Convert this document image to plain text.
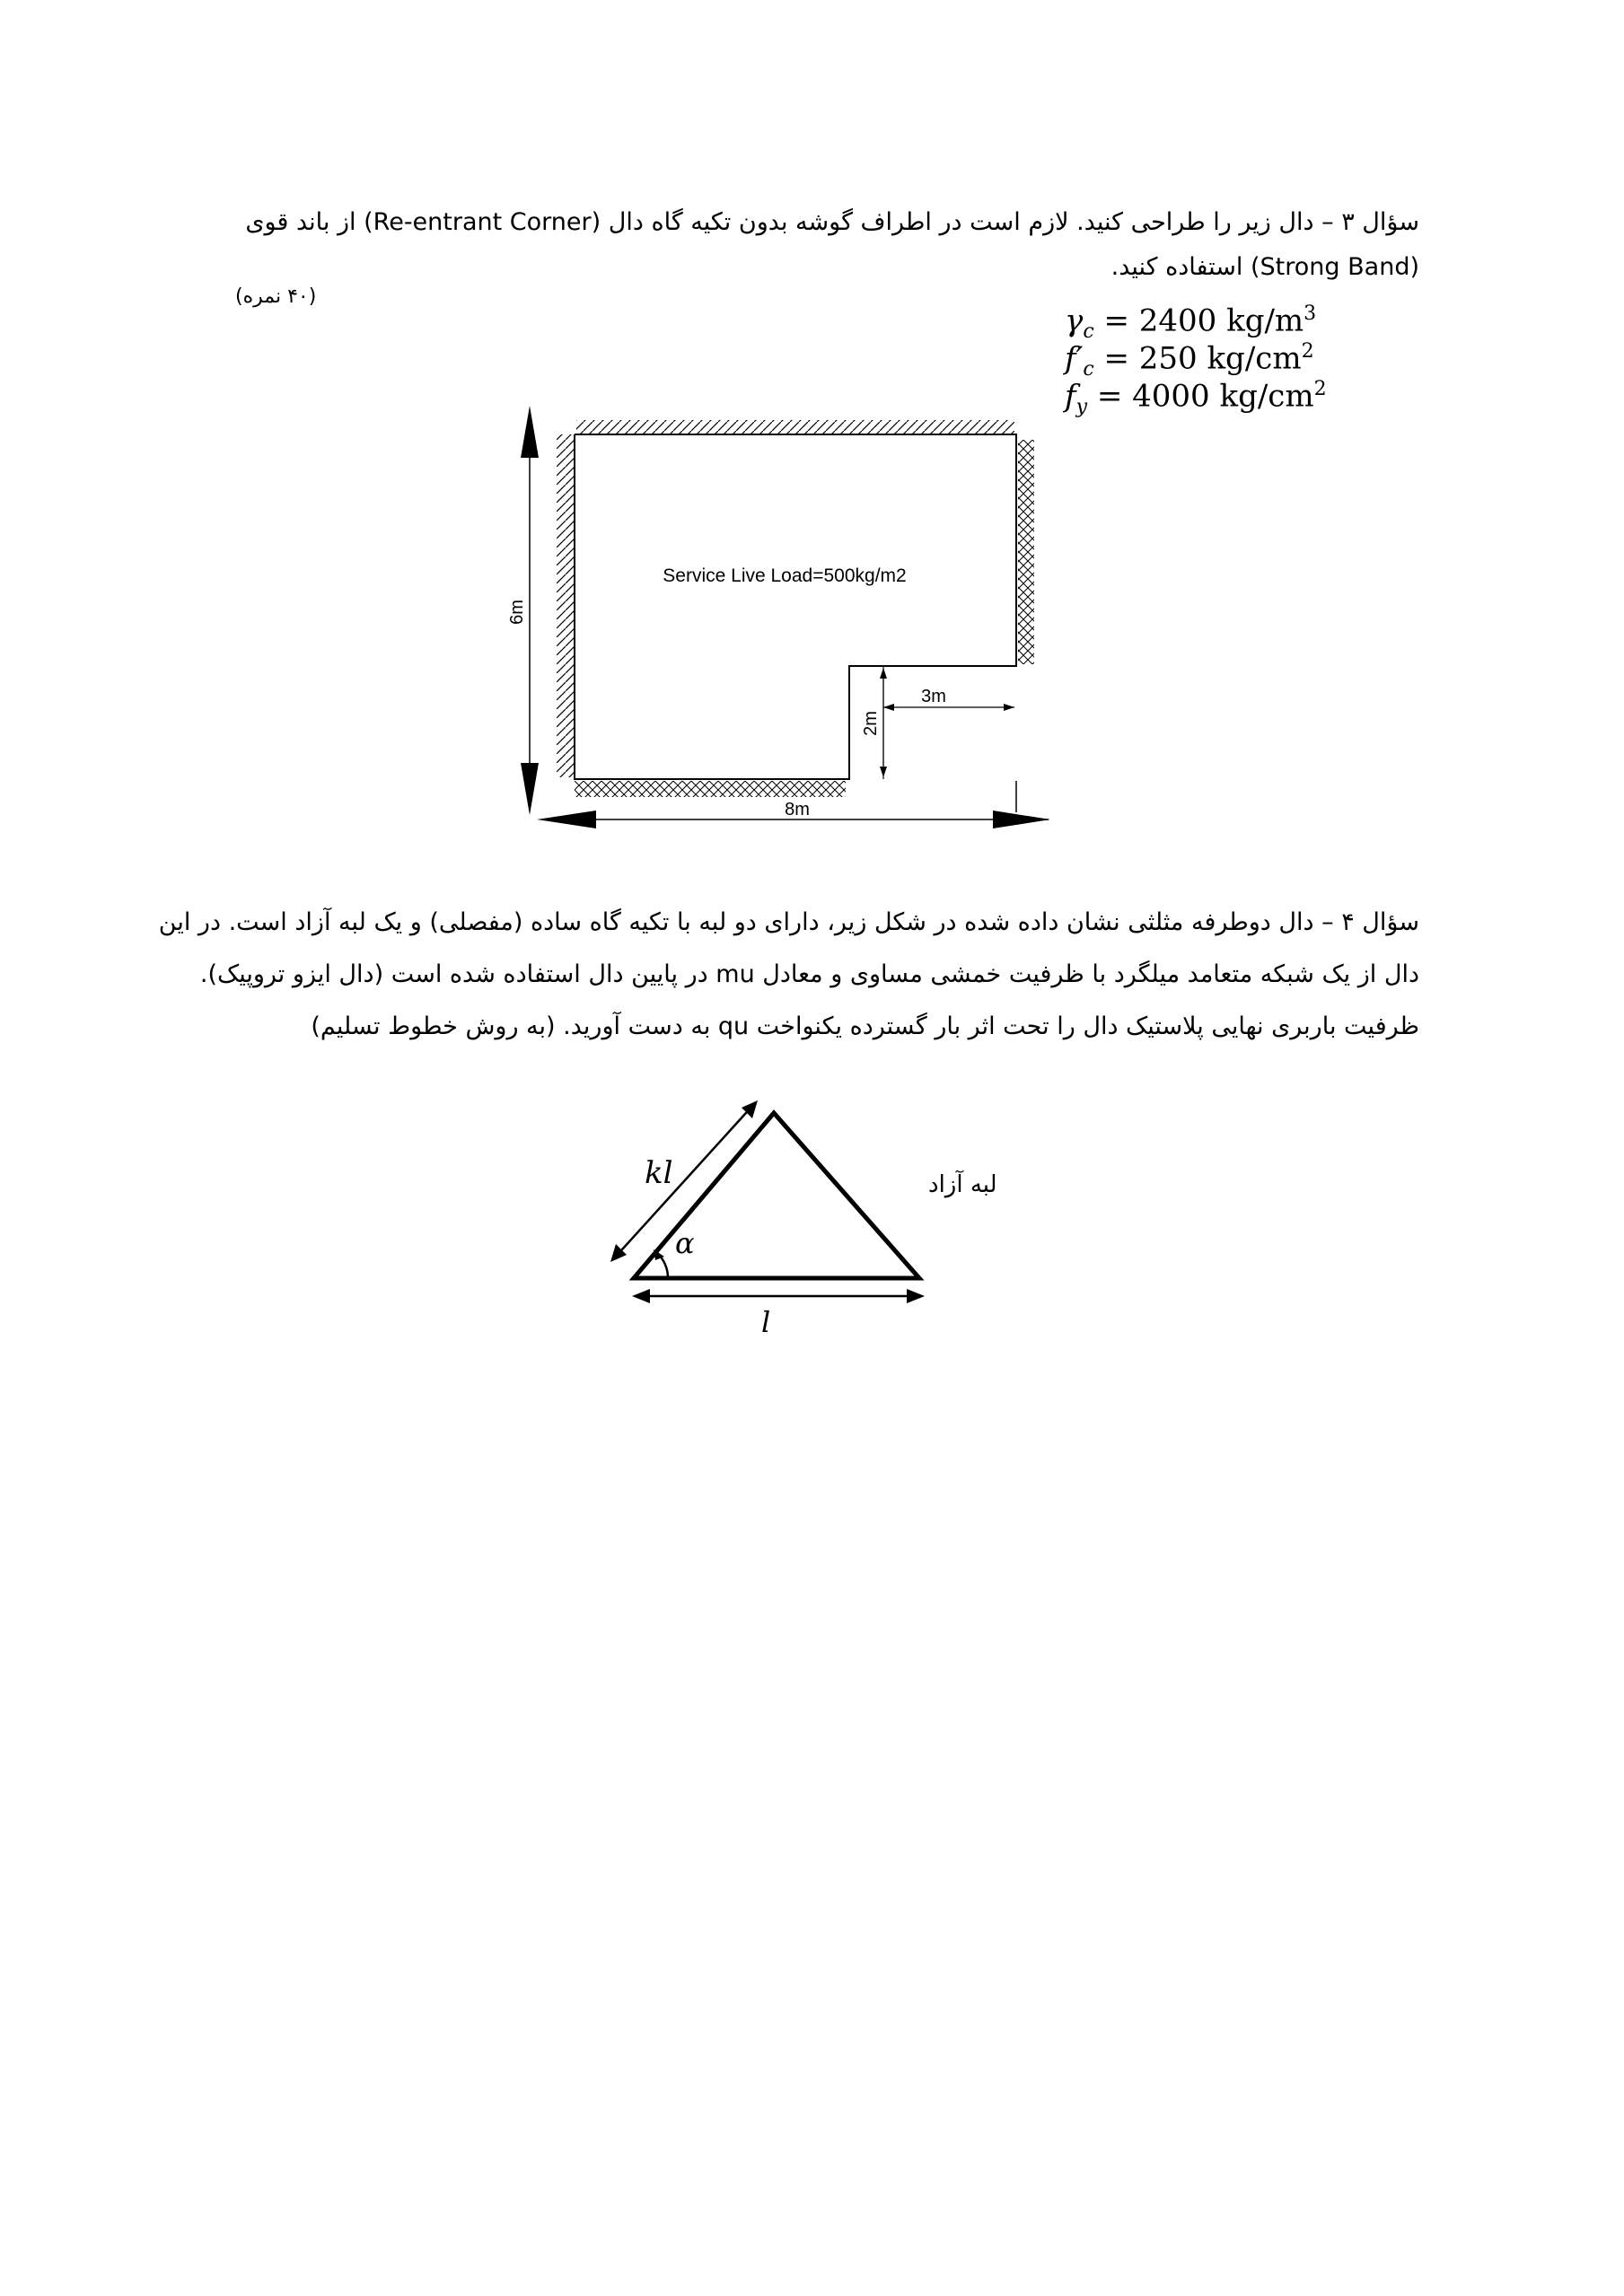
سؤال ۳ – دال زیر را طراحی کنید. لازم است در اطراف گوشه بدون تکیه گاه دال (Re-entrant Corner) از باند قوی
(Strong Band) استفاده کنید.
(۴۰ نمره)
$\gamma_c = 2400$ $kg/m^3$
$f'_c = 250$ $kg/cm^2$
$f_y = 4000$ $kg/cm^2$
6m
8m
3m
2m
Service Live Load=500kg/m2
سؤال ۴ – دال دوطرفه مثلثی نشان داده شده در شکل زیر، دارای دو لبه با تکیه گاه ساده (مفصلی) و یک لبه آزاد است. در این
دال از یک شبکه متعامد میلگرد با ظرفیت خمشی مساوی و معادل mu در پایین دال استفاده شده است (دال ایزو تروپیک).
ظرفیت باربری نهایی پلاستیک دال را تحت اثر بار گسترده یکنواخت qu به دست آورید. (به روش خطوط تسلیم)
kl
α
l
لبه آزاد
